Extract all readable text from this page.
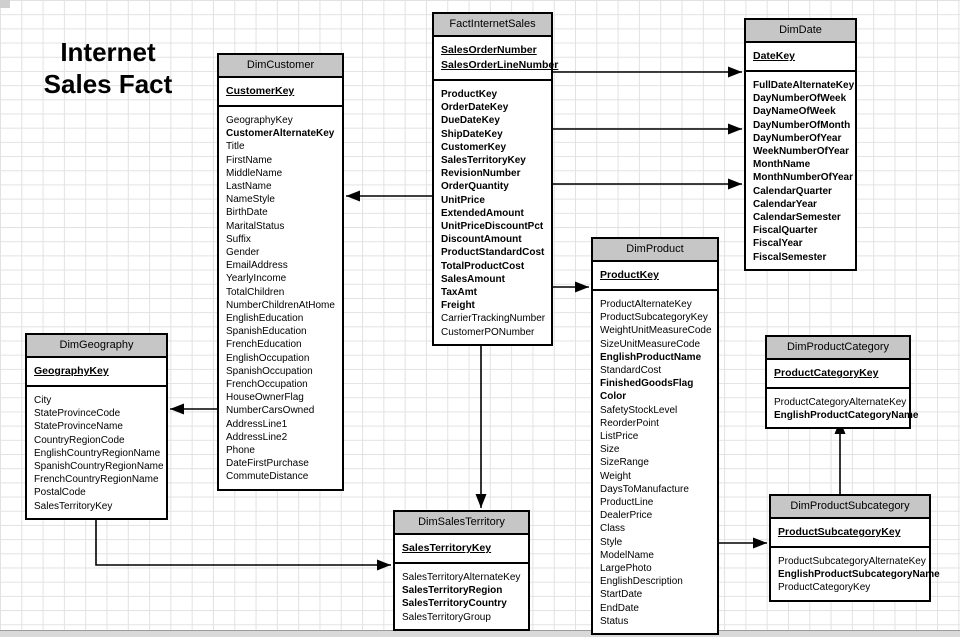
Internet
Sales Fact
FactInternetSales
SalesOrderNumber
SalesOrderLineNumber
ProductKey
OrderDateKey
DueDateKey
ShipDateKey
CustomerKey
SalesTerritoryKey
RevisionNumber
OrderQuantity
UnitPrice
ExtendedAmount
UnitPriceDiscountPct
DiscountAmount
ProductStandardCost
TotalProductCost
SalesAmount
TaxAmt
Freight
CarrierTrackingNumber
CustomerPONumber
DimDate
DateKey
FullDateAlternateKey
DayNumberOfWeek
DayNameOfWeek
DayNumberOfMonth
DayNumberOfYear
WeekNumberOfYear
MonthName
MonthNumberOfYear
CalendarQuarter
CalendarYear
CalendarSemester
FiscalQuarter
FiscalYear
FiscalSemester
DimCustomer
CustomerKey
GeographyKey
CustomerAlternateKey
Title
FirstName
MiddleName
LastName
NameStyle
BirthDate
MaritalStatus
Suffix
Gender
EmailAddress
YearlyIncome
TotalChildren
NumberChildrenAtHome
EnglishEducation
SpanishEducation
FrenchEducation
EnglishOccupation
SpanishOccupation
FrenchOccupation
HouseOwnerFlag
NumberCarsOwned
AddressLine1
AddressLine2
Phone
DateFirstPurchase
CommuteDistance
DimProduct
ProductKey
ProductAlternateKey
ProductSubcategoryKey
WeightUnitMeasureCode
SizeUnitMeasureCode
EnglishProductName
StandardCost
FinishedGoodsFlag
Color
SafetyStockLevel
ReorderPoint
ListPrice
Size
SizeRange
Weight
DaysToManufacture
ProductLine
DealerPrice
Class
Style
ModelName
LargePhoto
EnglishDescription
StartDate
EndDate
Status
DimGeography
GeographyKey
City
StateProvinceCode
StateProvinceName
CountryRegionCode
EnglishCountryRegionName
SpanishCountryRegionName
FrenchCountryRegionName
PostalCode
SalesTerritoryKey
DimProductCategory
ProductCategoryKey
ProductCategoryAlternateKey
EnglishProductCategoryName
DimProductSubcategory
ProductSubcategoryKey
ProductSubcategoryAlternateKey
EnglishProductSubcategoryName
ProductCategoryKey
DimSalesTerritory
SalesTerritoryKey
SalesTerritoryAlternateKey
SalesTerritoryRegion
SalesTerritoryCountry
SalesTerritoryGroup
